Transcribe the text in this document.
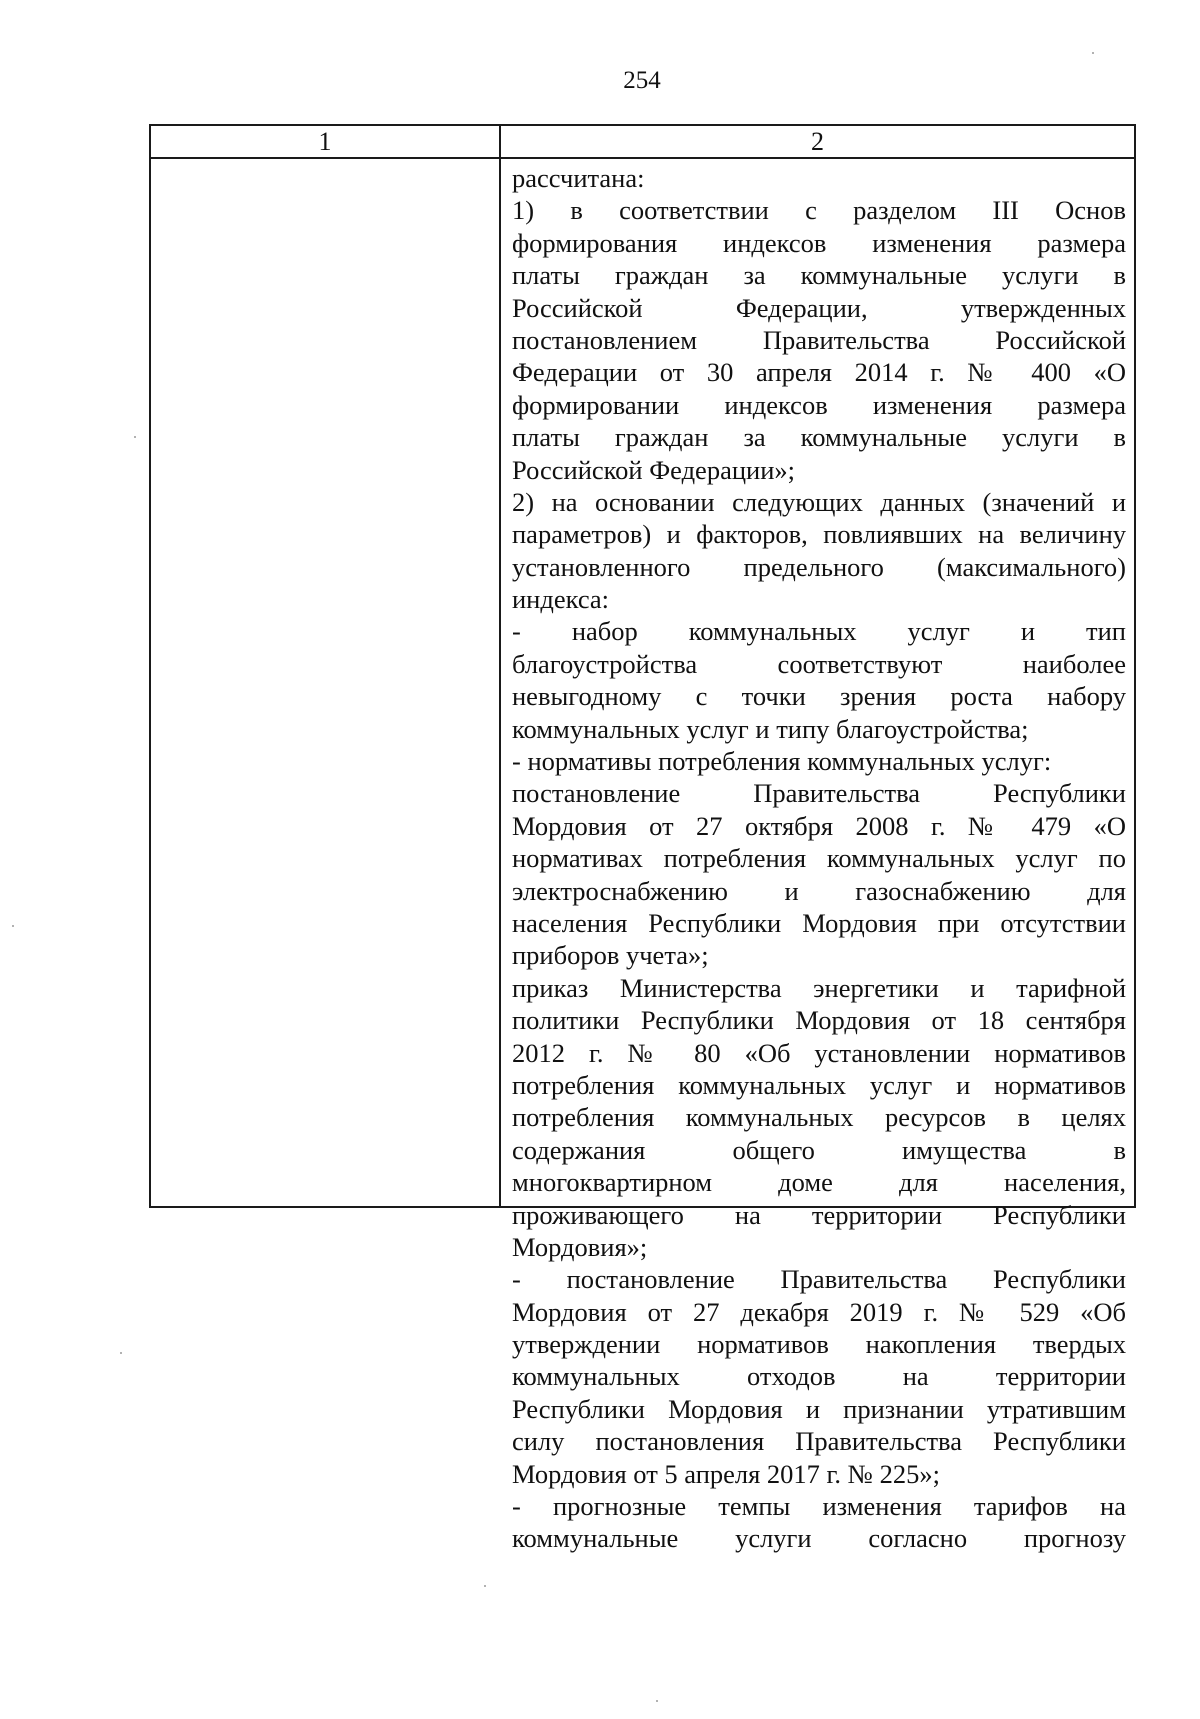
254
1	2
рассчитана:
1) в соответствии с разделом III Основ
формирования индексов изменения размера
платы граждан за коммунальные услуги в
Российской Федерации, утвержденных
постановлением Правительства Российской
Федерации от 30 апреля 2014 г. № 400 «О
формировании индексов изменения размера
платы граждан за коммунальные услуги в
Российской Федерации»;
2) на основании следующих данных (значений и
параметров) и факторов, повлиявших на величину
установленного предельного (максимального)
индекса:
- набор коммунальных услуг и тип
благоустройства соответствуют наиболее
невыгодному с точки зрения роста набору
коммунальных услуг и типу благоустройства;
- нормативы потребления коммунальных услуг:
постановление Правительства Республики
Мордовия от 27 октября 2008 г. № 479 «О
нормативах потребления коммунальных услуг по
электроснабжению и газоснабжению для
населения Республики Мордовия при отсутствии
приборов учета»;
приказ Министерства энергетики и тарифной
политики Республики Мордовия от 18 сентября
2012 г. № 80 «Об установлении нормативов
потребления коммунальных услуг и нормативов
потребления коммунальных ресурсов в целях
содержания общего имущества в
многоквартирном доме для населения,
проживающего на территории Республики
Мордовия»;
- постановление Правительства Республики
Мордовия от 27 декабря 2019 г. № 529 «Об
утверждении нормативов накопления твердых
коммунальных отходов на территории
Республики Мордовия и признании утратившим
силу постановления Правительства Республики
Мордовия от 5 апреля 2017 г. № 225»;
- прогнозные темпы изменения тарифов на
коммунальные услуги согласно прогнозу
